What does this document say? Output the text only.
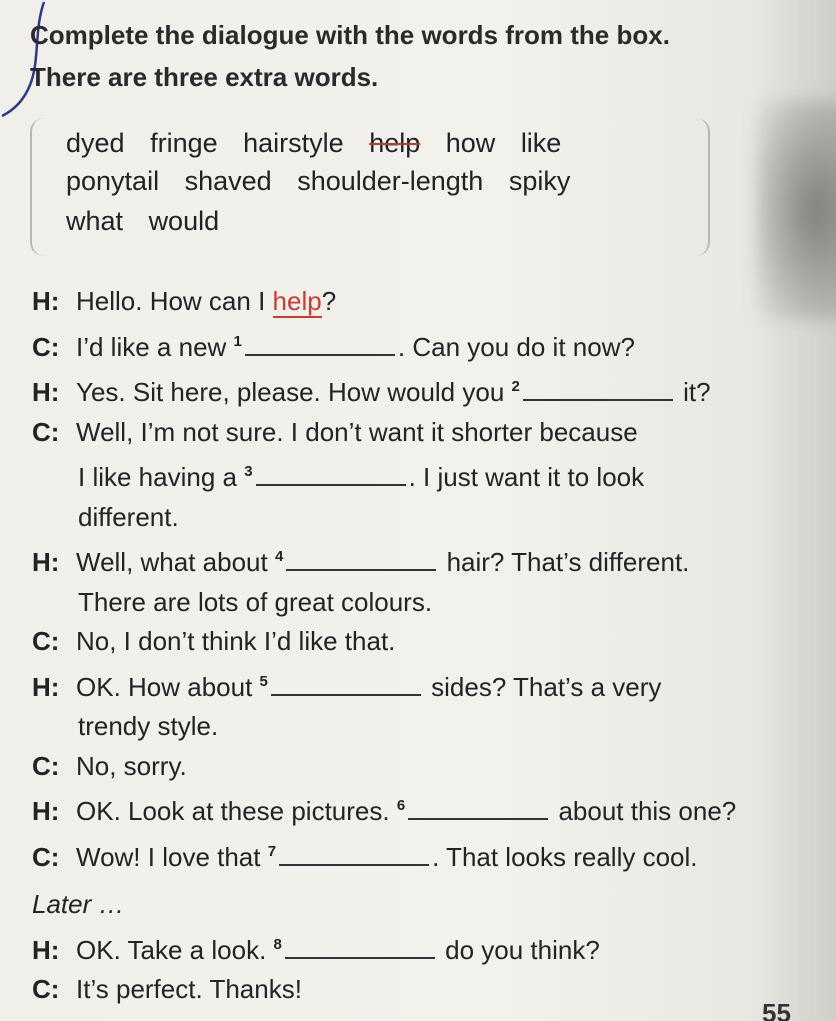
Complete the dialogue with the words from the box.
There are three extra words.
dyed fringe hairstyle help how like
ponytail shaved shoulder-length spiky
what would
H: Hello. How can I help?
C: I’d like a new $^1$	. Can you do it now?
H: Yes. Sit here, please. How would you $^2$	it?
C: Well, I’m not sure. I don’t want it shorter because
I like having a $^3$	. I just want it to look
different.
H: Well, what about $^4$	hair? That’s different.
There are lots of great colours.
C: No, I don’t think I’d like that.
H: OK. How about $^5$	sides? That’s a very
trendy style.
C: No, sorry.
H: OK. Look at these pictures. $^6$	about this one?
C: Wow! I love that $^7$	. That looks really cool.
Later …
H: OK. Take a look. $^8$	do you think?
C: It’s perfect. Thanks!
55
